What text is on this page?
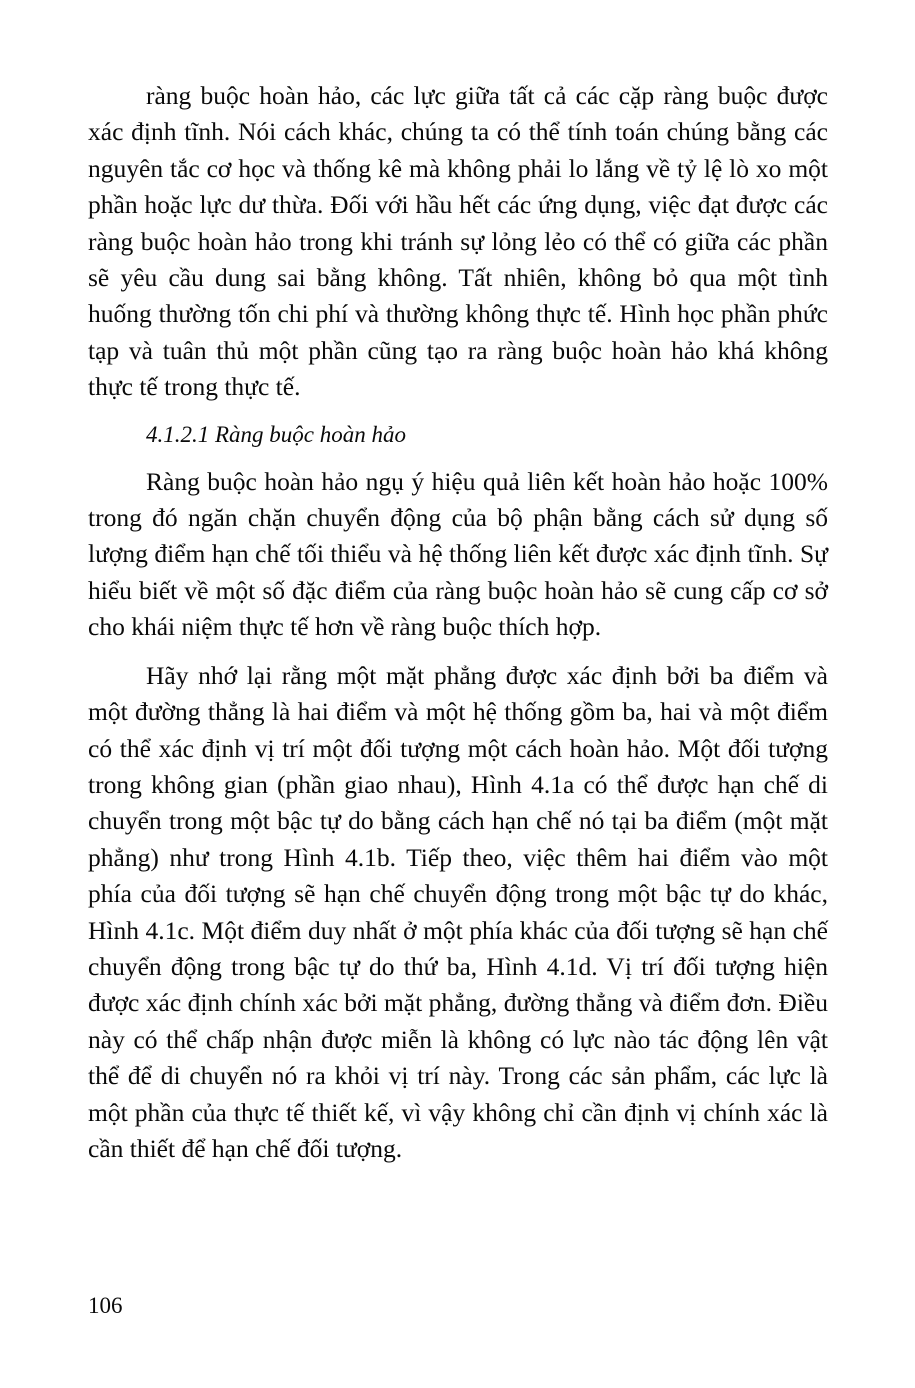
ràng buộc hoàn hảo, các lực giữa tất cả các cặp ràng buộc được xác định tĩnh. Nói cách khác, chúng ta có thể tính toán chúng bằng các nguyên tắc cơ học và thống kê mà không phải lo lắng về tỷ lệ lò xo một phần hoặc lực dư thừa. Đối với hầu hết các ứng dụng, việc đạt được các ràng buộc hoàn hảo trong khi tránh sự lỏng lẻo có thể có giữa các phần sẽ yêu cầu dung sai bằng không. Tất nhiên, không bỏ qua một tình huống thường tốn chi phí và thường không thực tế. Hình học phần phức tạp và tuân thủ một phần cũng tạo ra ràng buộc hoàn hảo khá không thực tế trong thực tế.

4.1.2.1 Ràng buộc hoàn hảo

Ràng buộc hoàn hảo ngụ ý hiệu quả liên kết hoàn hảo hoặc 100% trong đó ngăn chặn chuyển động của bộ phận bằng cách sử dụng số lượng điểm hạn chế tối thiểu và hệ thống liên kết được xác định tĩnh. Sự hiểu biết về một số đặc điểm của ràng buộc hoàn hảo sẽ cung cấp cơ sở cho khái niệm thực tế hơn về ràng buộc thích hợp.

Hãy nhớ lại rằng một mặt phẳng được xác định bởi ba điểm và một đường thẳng là hai điểm và một hệ thống gồm ba, hai và một điểm có thể xác định vị trí một đối tượng một cách hoàn hảo. Một đối tượng trong không gian (phần giao nhau), Hình 4.1a có thể được hạn chế di chuyển trong một bậc tự do bằng cách hạn chế nó tại ba điểm (một mặt phẳng) như trong Hình 4.1b. Tiếp theo, việc thêm hai điểm vào một phía của đối tượng sẽ hạn chế chuyển động trong một bậc tự do khác, Hình 4.1c. Một điểm duy nhất ở một phía khác của đối tượng sẽ hạn chế chuyển động trong bậc tự do thứ ba, Hình 4.1d. Vị trí đối tượng hiện được xác định chính xác bởi mặt phẳng, đường thẳng và điểm đơn. Điều này có thể chấp nhận được miễn là không có lực nào tác động lên vật thể để di chuyển nó ra khỏi vị trí này. Trong các sản phẩm, các lực là một phần của thực tế thiết kế, vì vậy không chỉ cần định vị chính xác là cần thiết để hạn chế đối tượng.

106
